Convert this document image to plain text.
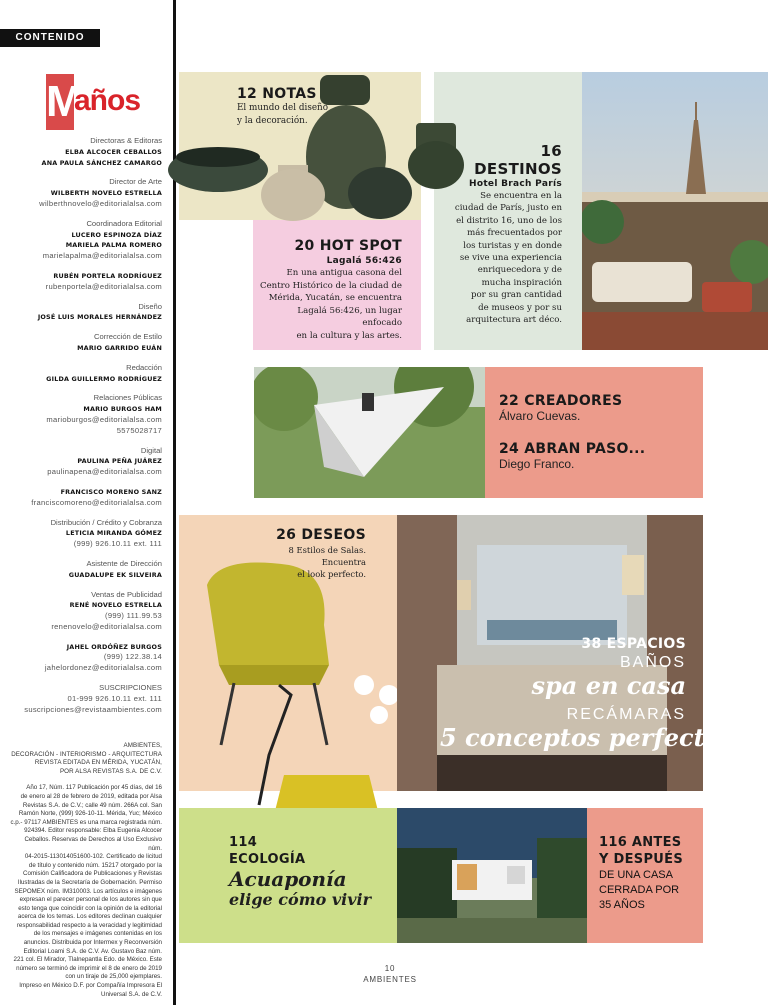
CONTENIDO
M
años
Directoras & Editoras
ELBA ALCOCER CEBALLOS
ANA PAULA SÁNCHEZ CAMARGO
Director de Arte
WILBERTH NOVELO ESTRELLA
wilberthnovelo@editorialalsa.com
Coordinadora Editorial
LUCERO ESPINOZA DÍAZ
MARIELA PALMA ROMERO
marielapalma@editorialalsa.com
RUBÉN PORTELA RODRÍGUEZ
rubenportela@editorialalsa.com
Diseño
JOSÉ LUIS MORALES HERNÁNDEZ
Corrección de Estilo
MARIO GARRIDO EUÁN
Redacción
GILDA GUILLERMO RODRÍGUEZ
Relaciones Públicas
MARIO BURGOS HAM
marioburgos@editorialalsa.com
5575028717
Digital
PAULINA PEÑA JUÁREZ
paulinapena@editorialalsa.com
FRANCISCO MORENO SANZ
franciscomoreno@editorialalsa.com
Distribución / Crédito y Cobranza
LETICIA MIRANDA GÓMEZ
(999) 926.10.11 ext. 111
Asistente de Dirección
GUADALUPE EK SILVEIRA
Ventas de Publicidad
RENÉ NOVELO ESTRELLA
(999) 111.99.53
renenovelo@editorialalsa.com
JAHEL ORDÓÑEZ BURGOS
(999) 122.38.14
jahelordonez@editorialalsa.com
SUSCRIPCIONES
01-999 926.10.11 ext. 111
suscripciones@revistaambientes.com
AMBIENTES,
DECORACIÓN - INTERIORISMO - ARQUITECTURA
REVISTA EDITADA EN MÉRIDA, YUCATÁN,
POR ALSA REVISTAS S.A. DE C.V.
Año 17, Núm. 117 Publicación por 45 días, del 16
de enero al 28 de febrero de 2019, editada por Alsa
Revistas S.A. de C.V.; calle 49 núm. 266A col. San
Ramón Norte, (999) 926-10-11. Mérida, Yuc; México
c.p.- 97117 AMBIENTES es una marca registrada núm.
924394. Editor responsable: Elba Eugenia Alcocer
Ceballos. Reservas de Derechos al Uso Exclusivo núm.
04-2015-113014051600-102. Certificado de licitud
de título y contenido núm. 15217 otorgado por la
Comisión Calificadora de Publicaciones y Revistas
Ilustradas de la Secretaría de Gobernación. Permiso
SEPOMEX núm. IM310003. Los artículos e imágenes
expresan el parecer personal de los autores sin que
esto tenga que coincidir con la opinión de la editorial
acerca de los temas. Los editores declinan cualquier
responsabilidad respecto a la veracidad y legitimidad
de los mensajes e imágenes contenidas en los
anuncios. Distribuida por Intermex y Reconversión
Editorial Loami S.A. de C.V. Av. Gustavo Baz núm.
221 col. El Mirador, Tlalnepantla Edo. de México. Este
número se terminó de imprimir el 8 de enero de 2019
con un tiraje de 25,000 ejemplares.
Impreso en México D.F. por Compañía Impresora El
Universal S.A. de C.V.
12 NOTAS
El mundo del diseño
y la decoración.
16
DESTINOS
Hotel Brach París
Se encuentra en la
ciudad de París, justo en
el distrito 16, uno de los
más frecuentados por
los turistas y en donde
se vive una experiencia
enriquecedora y de
mucha inspiración
por su gran cantidad
de museos y por su
arquitectura art déco.
20 HOT SPOT
Lagalá 56:426
En una antigua casona del
Centro Histórico de la ciudad de
Mérida, Yucatán, se encuentra
Lagalá 56:426, un lugar enfocado
en la cultura y las artes.
22 CREADORES
Álvaro Cuevas.
24 ABRAN PASO...
Diego Franco.
26 DESEOS
8 Estilos de Salas.
Encuentra
el look perfecto.
38 ESPACIOS
BAÑOS
spa en casa
RECÁMARAS
5 conceptos perfectos
114
ECOLOGÍA
Acuaponía
elige cómo vivir
116 ANTES
Y DESPUÉS
DE UNA CASA
CERRADA POR
35 AÑOS
10
AMBIENTES
